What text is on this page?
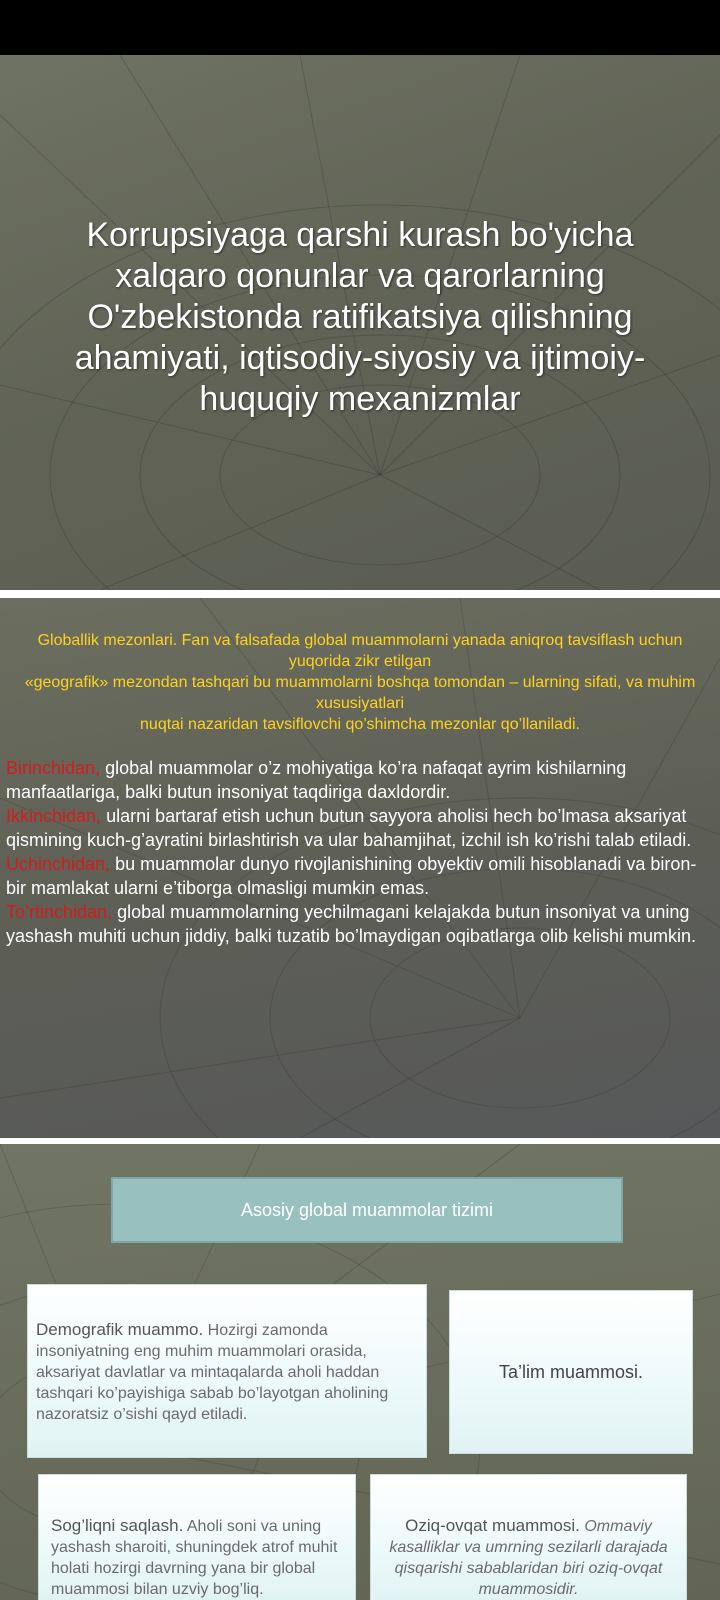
Korrupsiyaga qarshi kurash bo'yicha xalqaro qonunlar va qarorlarning O'zbekistonda ratifikatsiya qilishning ahamiyati, iqtisodiy-siyosiy va ijtimoiy-huquqiy mexanizmlar
Globallik mezonlari. Fan va falsafada global muammolarni yanada aniqroq tavsiflash uchun yuqorida zikr etilgan
«geografik» mezondan tashqari bu muammolarni boshqa tomondan – ularning sifati, va muhim xususiyatlari
nuqtai nazaridan tavsiflovchi qo’shimcha mezonlar qo’llaniladi.
Birinchidan, global muammolar o’z mohiyatiga ko’ra nafaqat ayrim kishilarning manfaatlariga, balki butun insoniyat taqdiriga daxldordir.
Ikkinchidan, ularni bartaraf etish uchun butun sayyora aholisi hech bo’lmasa aksariyat qismining kuch-g’ayratini birlashtirish va ular bahamjihat, izchil ish ko’rishi talab etiladi.
Uchinchidan, bu muammolar dunyo rivojlanishining obyektiv omili hisoblanadi va biron-bir mamlakat ularni e’tiborga olmasligi mumkin emas.
To’rtinchidan, global muammolarning yechilmagani kelajakda butun insoniyat va uning yashash muhiti uchun jiddiy, balki tuzatib bo’lmaydigan oqibatlarga olib kelishi mumkin.
Asosiy global muammolar tizimi
Demografik muammo. Hozirgi zamonda insoniyatning eng muhim muammolari orasida, aksariyat davlatlar va mintaqalarda aholi haddan tashqari ko’payishiga sabab bo’layotgan aholining nazoratsiz o’sishi qayd etiladi.
Ta’lim muammosi.
Sog’liqni saqlash. Aholi soni va uning yashash sharoiti, shuningdek atrof muhit holati hozirgi davrning yana bir global muammosi bilan uzviy bog’liq.
Oziq-ovqat muammosi. Ommaviy kasalliklar va umrning sezilarli darajada qisqarishi sabablaridan biri oziq-ovqat muammosidir.
